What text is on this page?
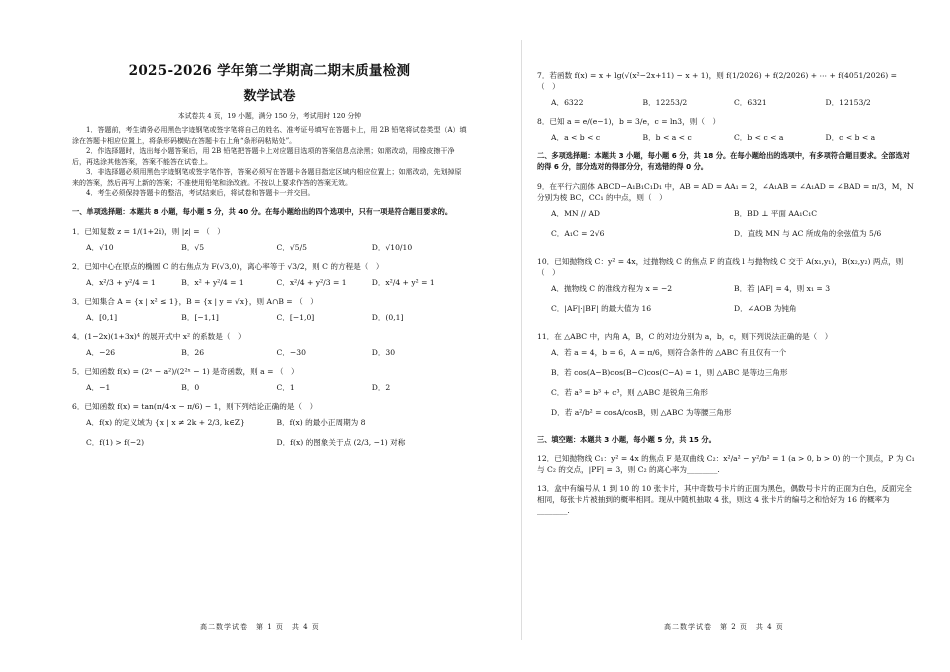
2025-2026 学年第二学期高二期末质量检测
数学试卷
本试卷共 4 页，19 小题，满分 150 分，考试用时 120 分钟

1．答题前，考生请务必用黑色字迹钢笔或签字笔将自己的姓名、准考证号填写在答题卡上，用 2B 铅笔将试卷类型（A）填涂在答题卡相应位置上，将条形码横贴在答题卡右上角“条形码粘贴处”。

2．作选择题时，选出每小题答案后，用 2B 铅笔把答题卡上对应题目选项的答案信息点涂黑；如需改动，用橡皮擦干净后，再选涂其他答案，答案不能答在试卷上。

3．非选择题必须用黑色字迹钢笔或签字笔作答，答案必须写在答题卡各题目指定区域内相应位置上；如需改动，先划掉原来的答案，然后再写上新的答案；不准使用铅笔和涂改液。不按以上要求作答的答案无效。

4．考生必须保持答题卡的整洁，考试结束后，将试卷和答题卡一并交回。

一、单项选择题：本题共 8 小题，每小题 5 分，共 40 分。在每小题给出的四个选项中，只有一项是符合题目要求的。
1．已知复数 z = 1/(1+2i)，则 |z| = （　）
A．√10	B．√5	C．√5/5	D．√10/10
2．已知中心在原点的椭圆 C 的右焦点为 F(√3,0)，离心率等于 √3/2，则 C 的方程是（　）
A．x²/3 + y²/4 = 1	B．x² + y²/4 = 1	C．x²/4 + y²/3 = 1	D．x²/4 + y² = 1
3．已知集合 A = {x | x² ≤ 1}，B = {x | y = √x}，则 A∩B = （　）
A．[0,1]	B．[−1,1]	C．[−1,0]	D．(0,1]
4．(1−2x)(1+3x)⁴ 的展开式中 x² 的系数是（　）
A．−26	B．26	C．−30	D．30
5．已知函数 f(x) = (2ˣ − a²)/(2²ˣ − 1) 是奇函数，则 a = （　）
A．−1	B．0	C．1	D．2
6．已知函数 f(x) = tan(π/4·x − π/6) − 1，则下列结论正确的是（　）
A．f(x) 的定义域为 {x | x ≠ 2k + 2/3, k∈Z}	B．f(x) 的最小正周期为 8
C．f(1) > f(−2)	D．f(x) 的图象关于点 (2/3, −1) 对称
7．若函数 f(x) = x + lg(√(x²−2x+11) − x + 1)，则 f(1/2026) + f(2/2026) + ⋯ + f(4051/2026) = （　）
A．6322	B．12253/2	C．6321	D．12153/2
8．已知 a = e/(e−1)，b = 3/e，c = ln3，则（　）
A．a < b < c	B．b < a < c	C．b < c < a	D．c < b < a
二、多项选择题：本题共 3 小题，每小题 6 分，共 18 分。在每小题给出的选项中，有多项符合题目要求。全部选对的得 6 分，部分选对的得部分分，有选错的得 0 分。
9．在平行六面体 ABCD−A₁B₁C₁D₁ 中，AB = AD = AA₁ = 2，∠A₁AB = ∠A₁AD = ∠BAD = π/3，M，N 分别为棱 BC，CC₁ 的中点，则（　）
A．MN // AD	B．BD ⊥ 平面 AA₁C₁C
C．A₁C = 2√6	D．直线 MN 与 AC 所成角的余弦值为 5/6
10．已知抛物线 C：y² = 4x，过抛物线 C 的焦点 F 的直线 l 与抛物线 C 交于 A(x₁,y₁)，B(x₂,y₂) 两点，则（　）
A．抛物线 C 的准线方程为 x = −2	B．若 |AF| = 4，则 x₁ = 3
C．|AF|·|BF| 的最大值为 16	D．∠AOB 为钝角
11．在 △ABC 中，内角 A，B，C 的对边分别为 a，b，c，则下列说法正确的是（　）
A．若 a = 4，b = 6，A = π/6，则符合条件的 △ABC 有且仅有一个
B．若 cos(A−B)cos(B−C)cos(C−A) = 1，则 △ABC 是等边三角形
C．若 a³ = b³ + c³，则 △ABC 是锐角三角形
D．若 a²/b² = cosA/cosB，则 △ABC 为等腰三角形
三、填空题：本题共 3 小题，每小题 5 分，共 15 分。
12．已知抛物线 C₁：y² = 4x 的焦点 F 是双曲线 C₂：x²/a² − y²/b² = 1 (a > 0, b > 0) 的一个顶点，P 为 C₁ 与 C₂ 的交点，|PF| = 3，则 C₂ 的离心率为________.
13．盒中有编号从 1 到 10 的 10 张卡片，其中奇数号卡片的正面为黑色，偶数号卡片的正面为白色，反面完全相同，每张卡片被抽到的概率相同。现从中随机抽取 4 张，则这 4 张卡片的编号之和恰好为 16 的概率为________.
高二数学试卷　第 1 页　共 4 页	高二数学试卷　第 2 页　共 4 页
